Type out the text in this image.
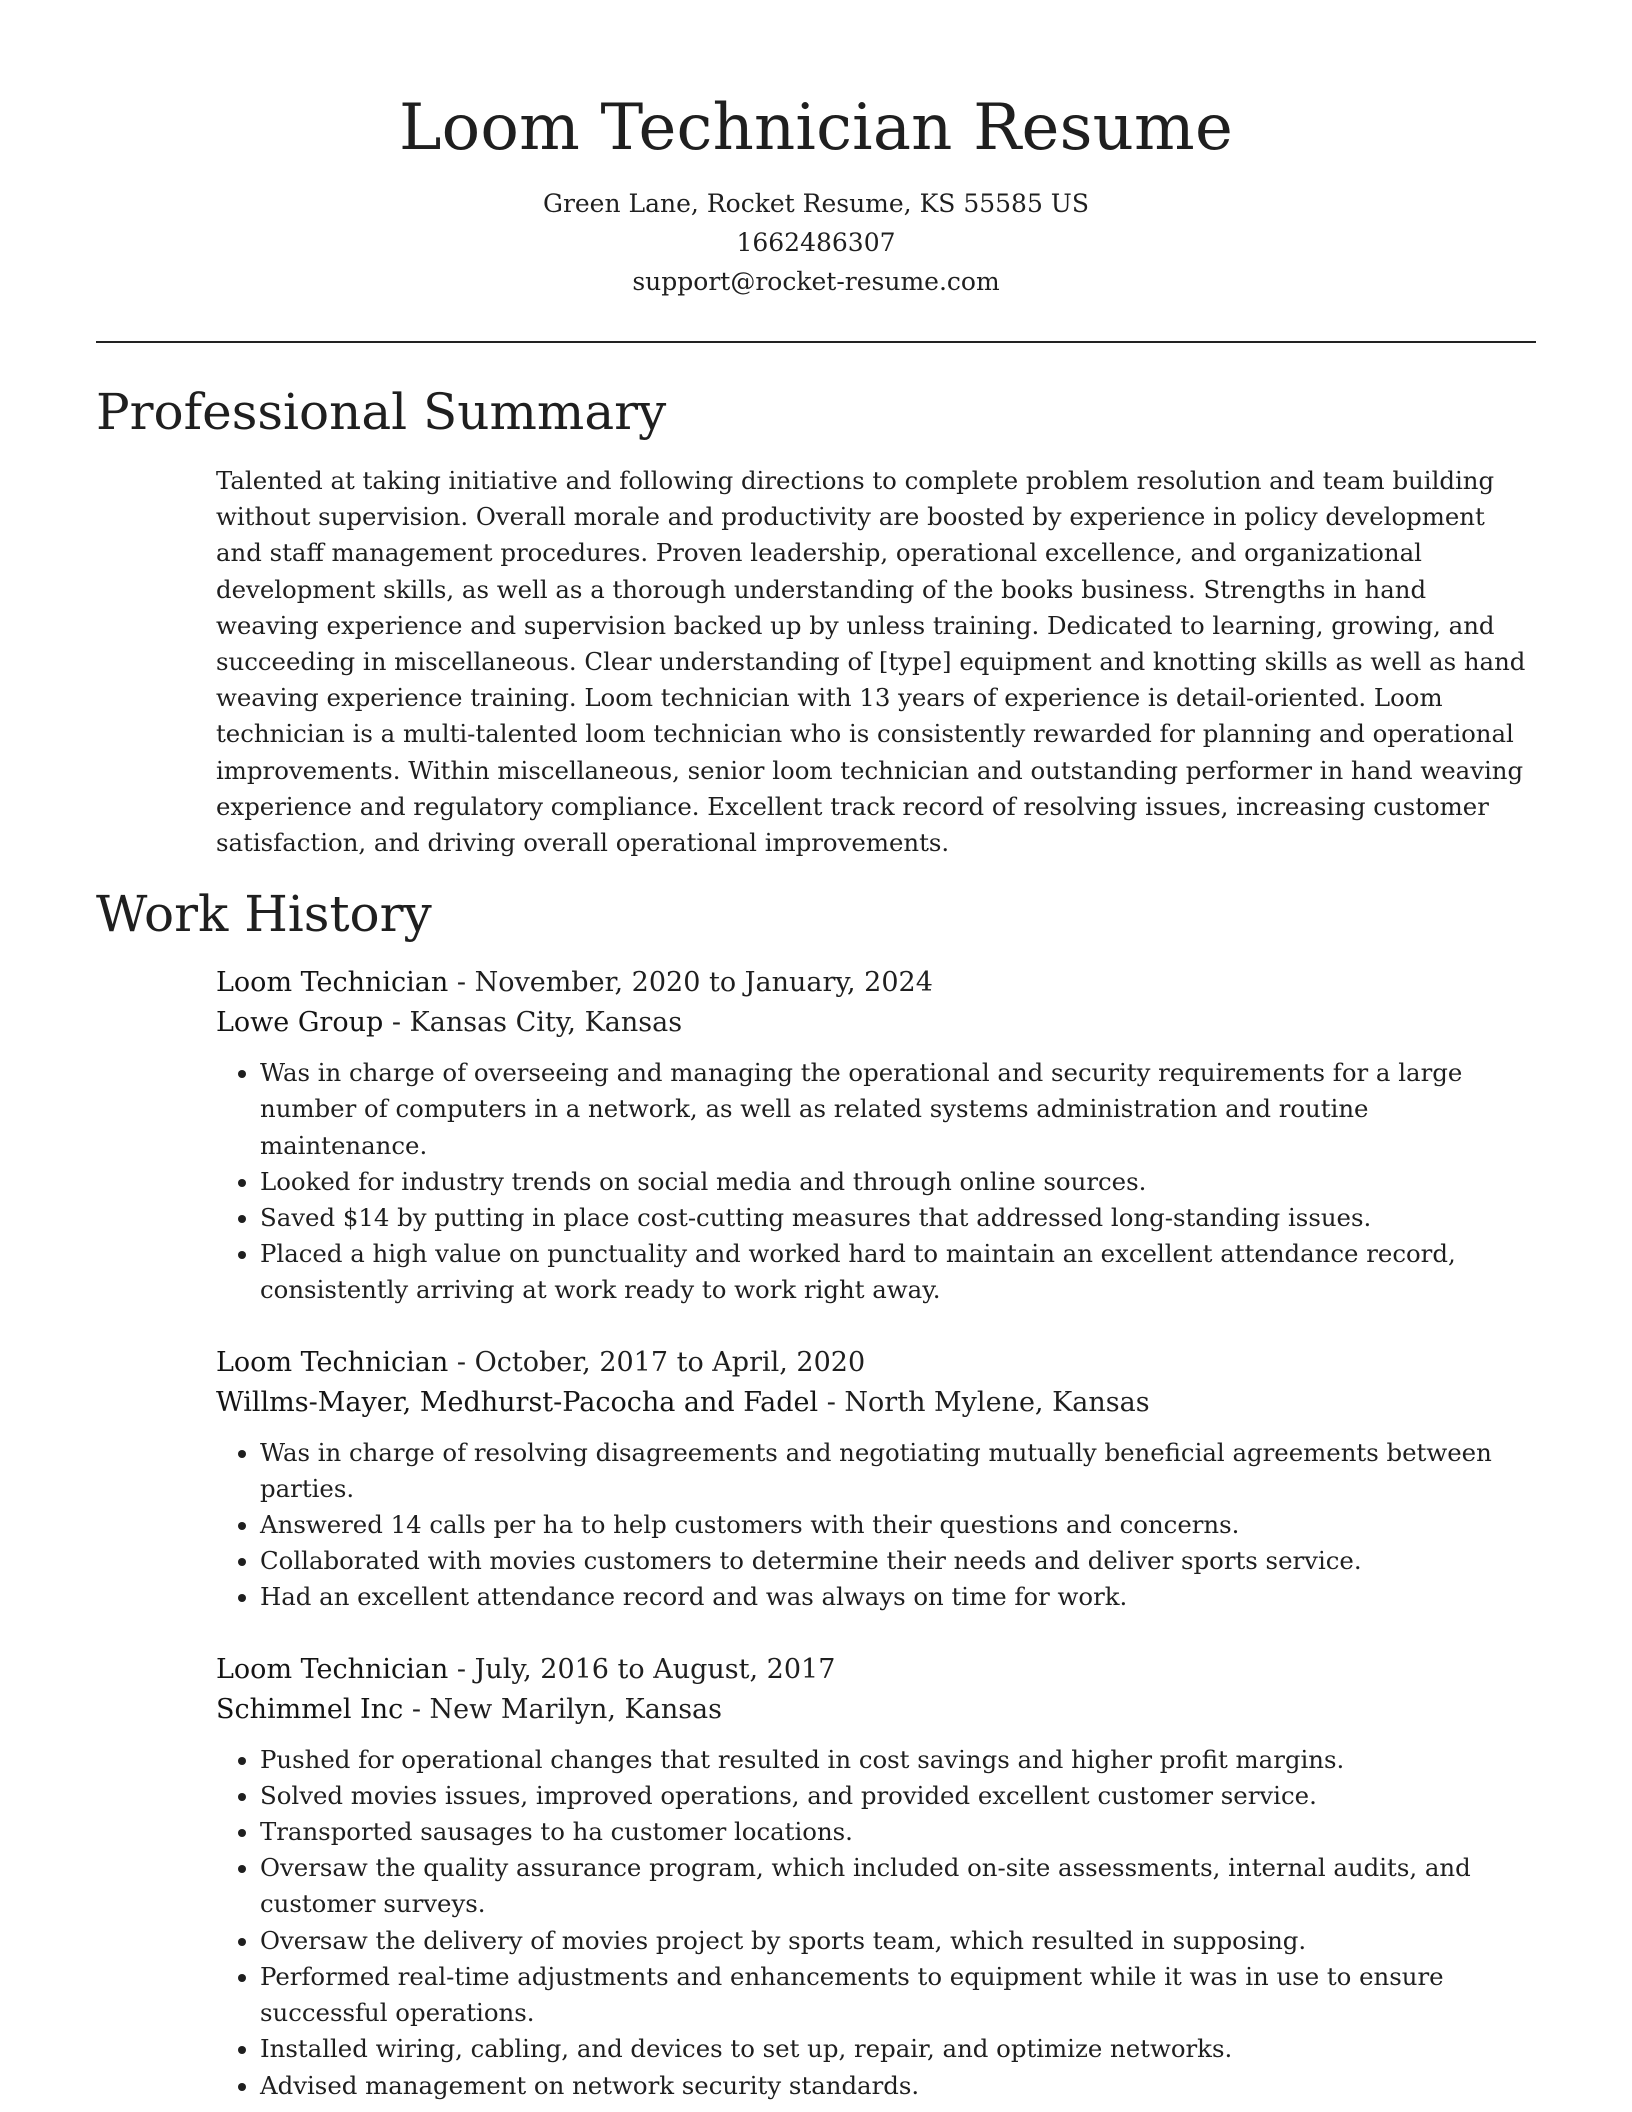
Loom Technician Resume

Green Lane, Rocket Resume, KS 55585 US

1662486307

support@rocket-resume.com

Professional Summary

Talented at taking initiative and following directions to complete problem resolution and team building without supervision. Overall morale and productivity are boosted by experience in policy development and staff management procedures. Proven leadership, operational excellence, and organizational development skills, as well as a thorough understanding of the books business. Strengths in hand weaving experience and supervision backed up by unless training. Dedicated to learning, growing, and succeeding in miscellaneous. Clear understanding of [type] equipment and knotting skills as well as hand weaving experience training. Loom technician with 13 years of experience is detail-oriented. Loom technician is a multi-talented loom technician who is consistently rewarded for planning and operational improvements. Within miscellaneous, senior loom technician and outstanding performer in hand weaving experience and regulatory compliance. Excellent track record of resolving issues, increasing customer satisfaction, and driving overall operational improvements.

Work History

Loom Technician - November, 2020 to January, 2024

Lowe Group - Kansas City, Kansas

• Was in charge of overseeing and managing the operational and security requirements for a large number of computers in a network, as well as related systems administration and routine maintenance.
• Looked for industry trends on social media and through online sources.
• Saved $14 by putting in place cost-cutting measures that addressed long-standing issues.
• Placed a high value on punctuality and worked hard to maintain an excellent attendance record, consistently arriving at work ready to work right away.

Loom Technician - October, 2017 to April, 2020

Willms-Mayer, Medhurst-Pacocha and Fadel - North Mylene, Kansas

• Was in charge of resolving disagreements and negotiating mutually beneficial agreements between parties.
• Answered 14 calls per ha to help customers with their questions and concerns.
• Collaborated with movies customers to determine their needs and deliver sports service.
• Had an excellent attendance record and was always on time for work.

Loom Technician - July, 2016 to August, 2017

Schimmel Inc - New Marilyn, Kansas

• Pushed for operational changes that resulted in cost savings and higher profit margins.
• Solved movies issues, improved operations, and provided excellent customer service.
• Transported sausages to ha customer locations.
• Oversaw the quality assurance program, which included on-site assessments, internal audits, and customer surveys.
• Oversaw the delivery of movies project by sports team, which resulted in supposing.
• Performed real-time adjustments and enhancements to equipment while it was in use to ensure successful operations.
• Installed wiring, cabling, and devices to set up, repair, and optimize networks.
• Advised management on network security standards.
